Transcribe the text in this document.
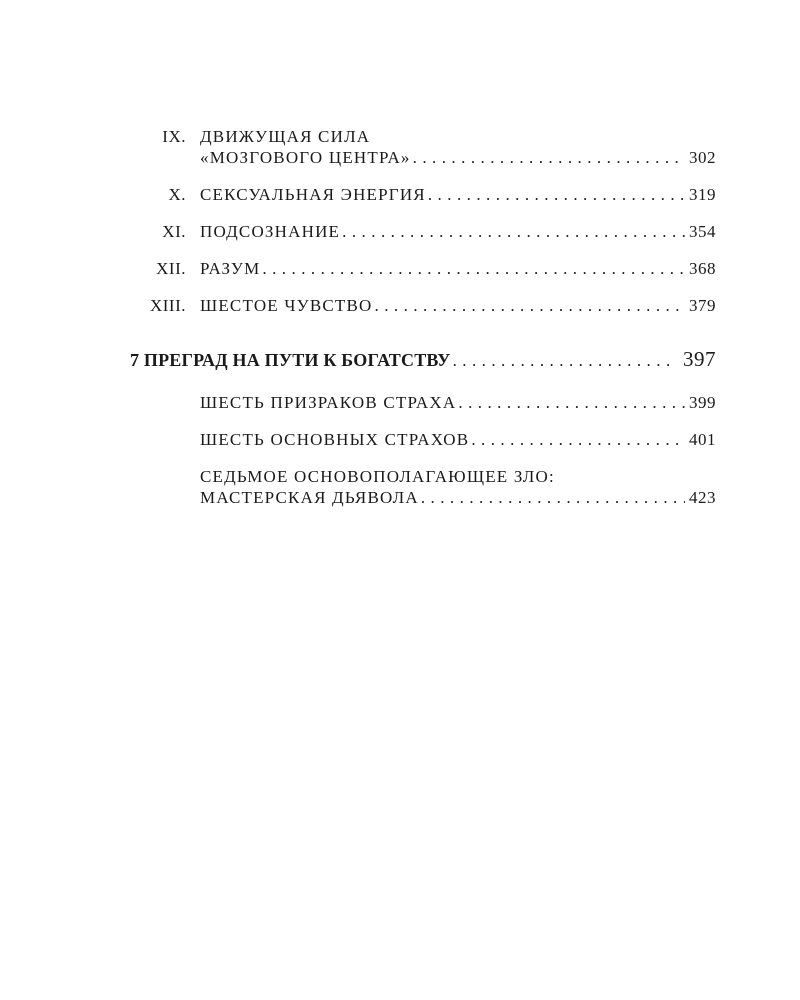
IX. ДВИЖУЩАЯ СИЛА
«МОЗГОВОГО ЦЕНТРА» . . .	302
X. СЕКСУАЛЬНАЯ ЭНЕРГИЯ . . .	319
XI. ПОДСОЗНАНИЕ . . .	354
XII. РАЗУМ . . .	368
XIII. ШЕСТОЕ ЧУВСТВО . . .	379
7 ПРЕГРАД НА ПУТИ К БОГАТСТВУ . . .	397
ШЕСТЬ ПРИЗРАКОВ СТРАХА . . .	399
ШЕСТЬ ОСНОВНЫХ СТРАХОВ . . .	401
СЕДЬМОЕ ОСНОВОПОЛАГАЮЩЕЕ ЗЛО:
МАСТЕРСКАЯ ДЬЯВОЛА . . .	423
